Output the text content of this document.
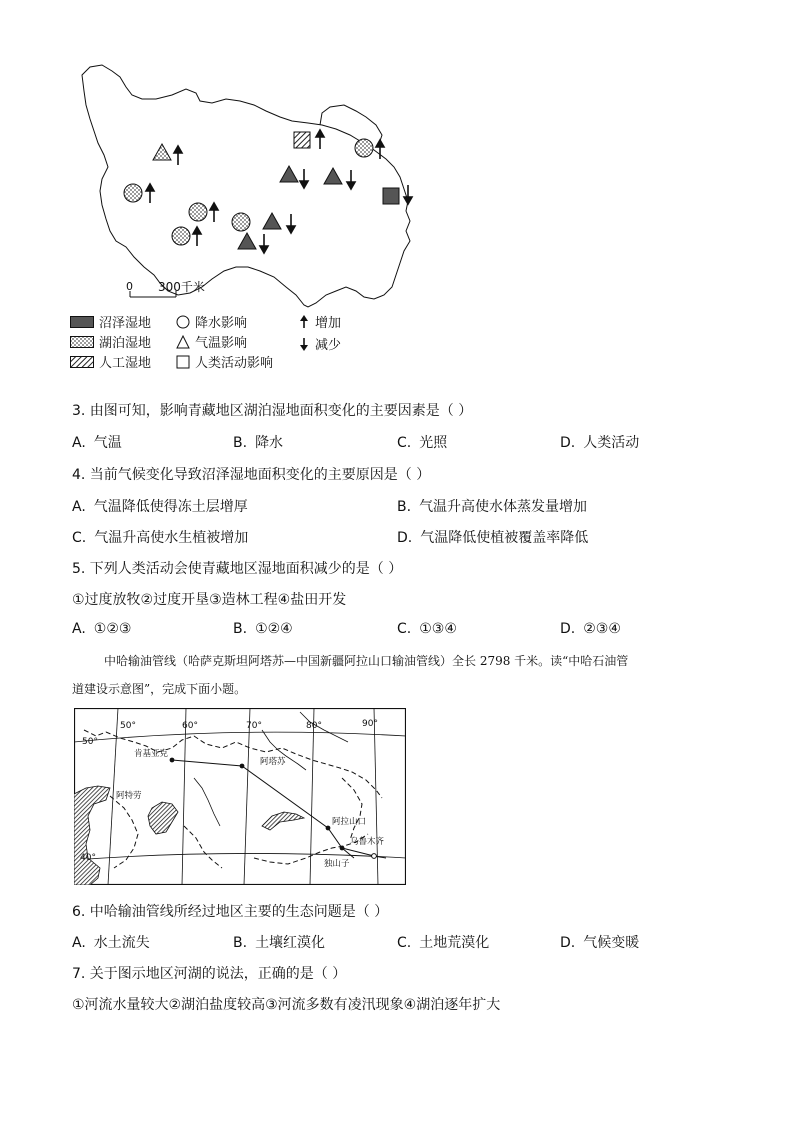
0 300千米
沼泽湿地
湖泊湿地
人工湿地
降水影响
气温影响
人类活动影响
增加
减少
3. 由图可知，影响青藏地区湖泊湿地面积变化的主要因素是（ ）
A. 气温	B. 降水	C. 光照	D. 人类活动
4. 当前气候变化导致沼泽湿地面积变化的主要原因是（ ）
A. 气温降低使得冻土层增厚	B. 气温升高使水体蒸发量增加
C. 气温升高使水生植被增加	D. 气温降低使植被覆盖率降低
5. 下列人类活动会使青藏地区湿地面积减少的是（ ）
①过度放牧②过度开垦③造林工程④盐田开发
A. ①②③	B. ①②④	C. ①③④	D. ②③④
中哈输油管线（哈萨克斯坦阿塔苏—中国新疆阿拉山口输油管线）全长 2798 千米。读“中哈石油管
道建设示意图”，完成下面小题。
50°	60°	70°	80°	90°
50°
40°
肯基亚克
阿塔苏
阿特劳
阿拉山口
乌鲁木齐
独山子
6. 中哈输油管线所经过地区主要的生态问题是（ ）
A. 水土流失	B. 土壤红漠化	C. 土地荒漠化	D. 气候变暖
7. 关于图示地区河湖的说法，正确的是（ ）
①河流水量较大②湖泊盐度较高③河流多数有凌汛现象④湖泊逐年扩大
